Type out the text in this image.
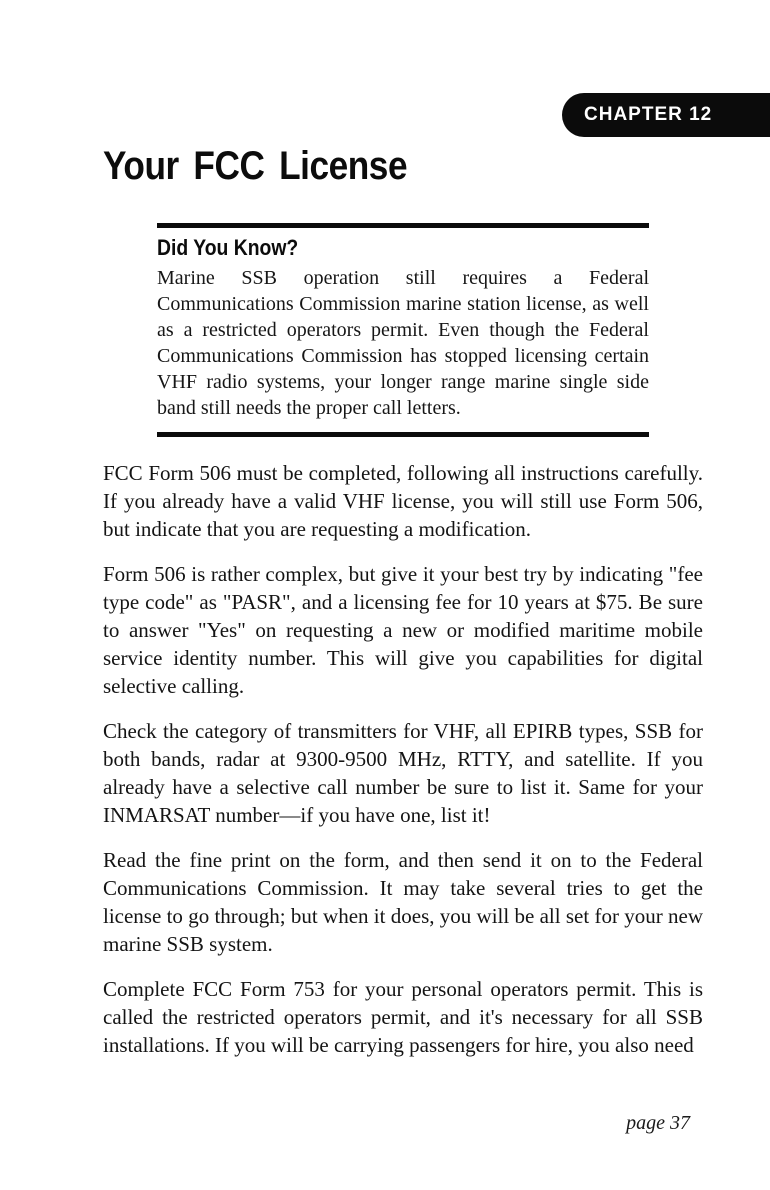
CHAPTER 12
Your FCC License
Did You Know?

Marine SSB operation still requires a Federal Communications Commission marine station license, as well as a restricted operators permit. Even though the Federal Communications Commission has stopped licensing certain VHF radio systems, your longer range marine single side band still needs the proper call letters.

FCC Form 506 must be completed, following all instructions carefully. If you already have a valid VHF license, you will still use Form 506, but indicate that you are requesting a modification.

Form 506 is rather complex, but give it your best try by indicating "fee type code" as "PASR", and a licensing fee for 10 years at $75. Be sure to answer "Yes" on requesting a new or modified maritime mobile service identity number. This will give you capabilities for digital selective calling.

Check the category of transmitters for VHF, all EPIRB types, SSB for both bands, radar at 9300-9500 MHz, RTTY, and satellite. If you already have a selective call number be sure to list it. Same for your INMARSAT number—if you have one, list it!

Read the fine print on the form, and then send it on to the Federal Communications Commission. It may take several tries to get the license to go through; but when it does, you will be all set for your new marine SSB system.

Complete FCC Form 753 for your personal operators permit. This is called the restricted operators permit, and it's necessary for all SSB installations. If you will be carrying passengers for hire, you also need

page 37
